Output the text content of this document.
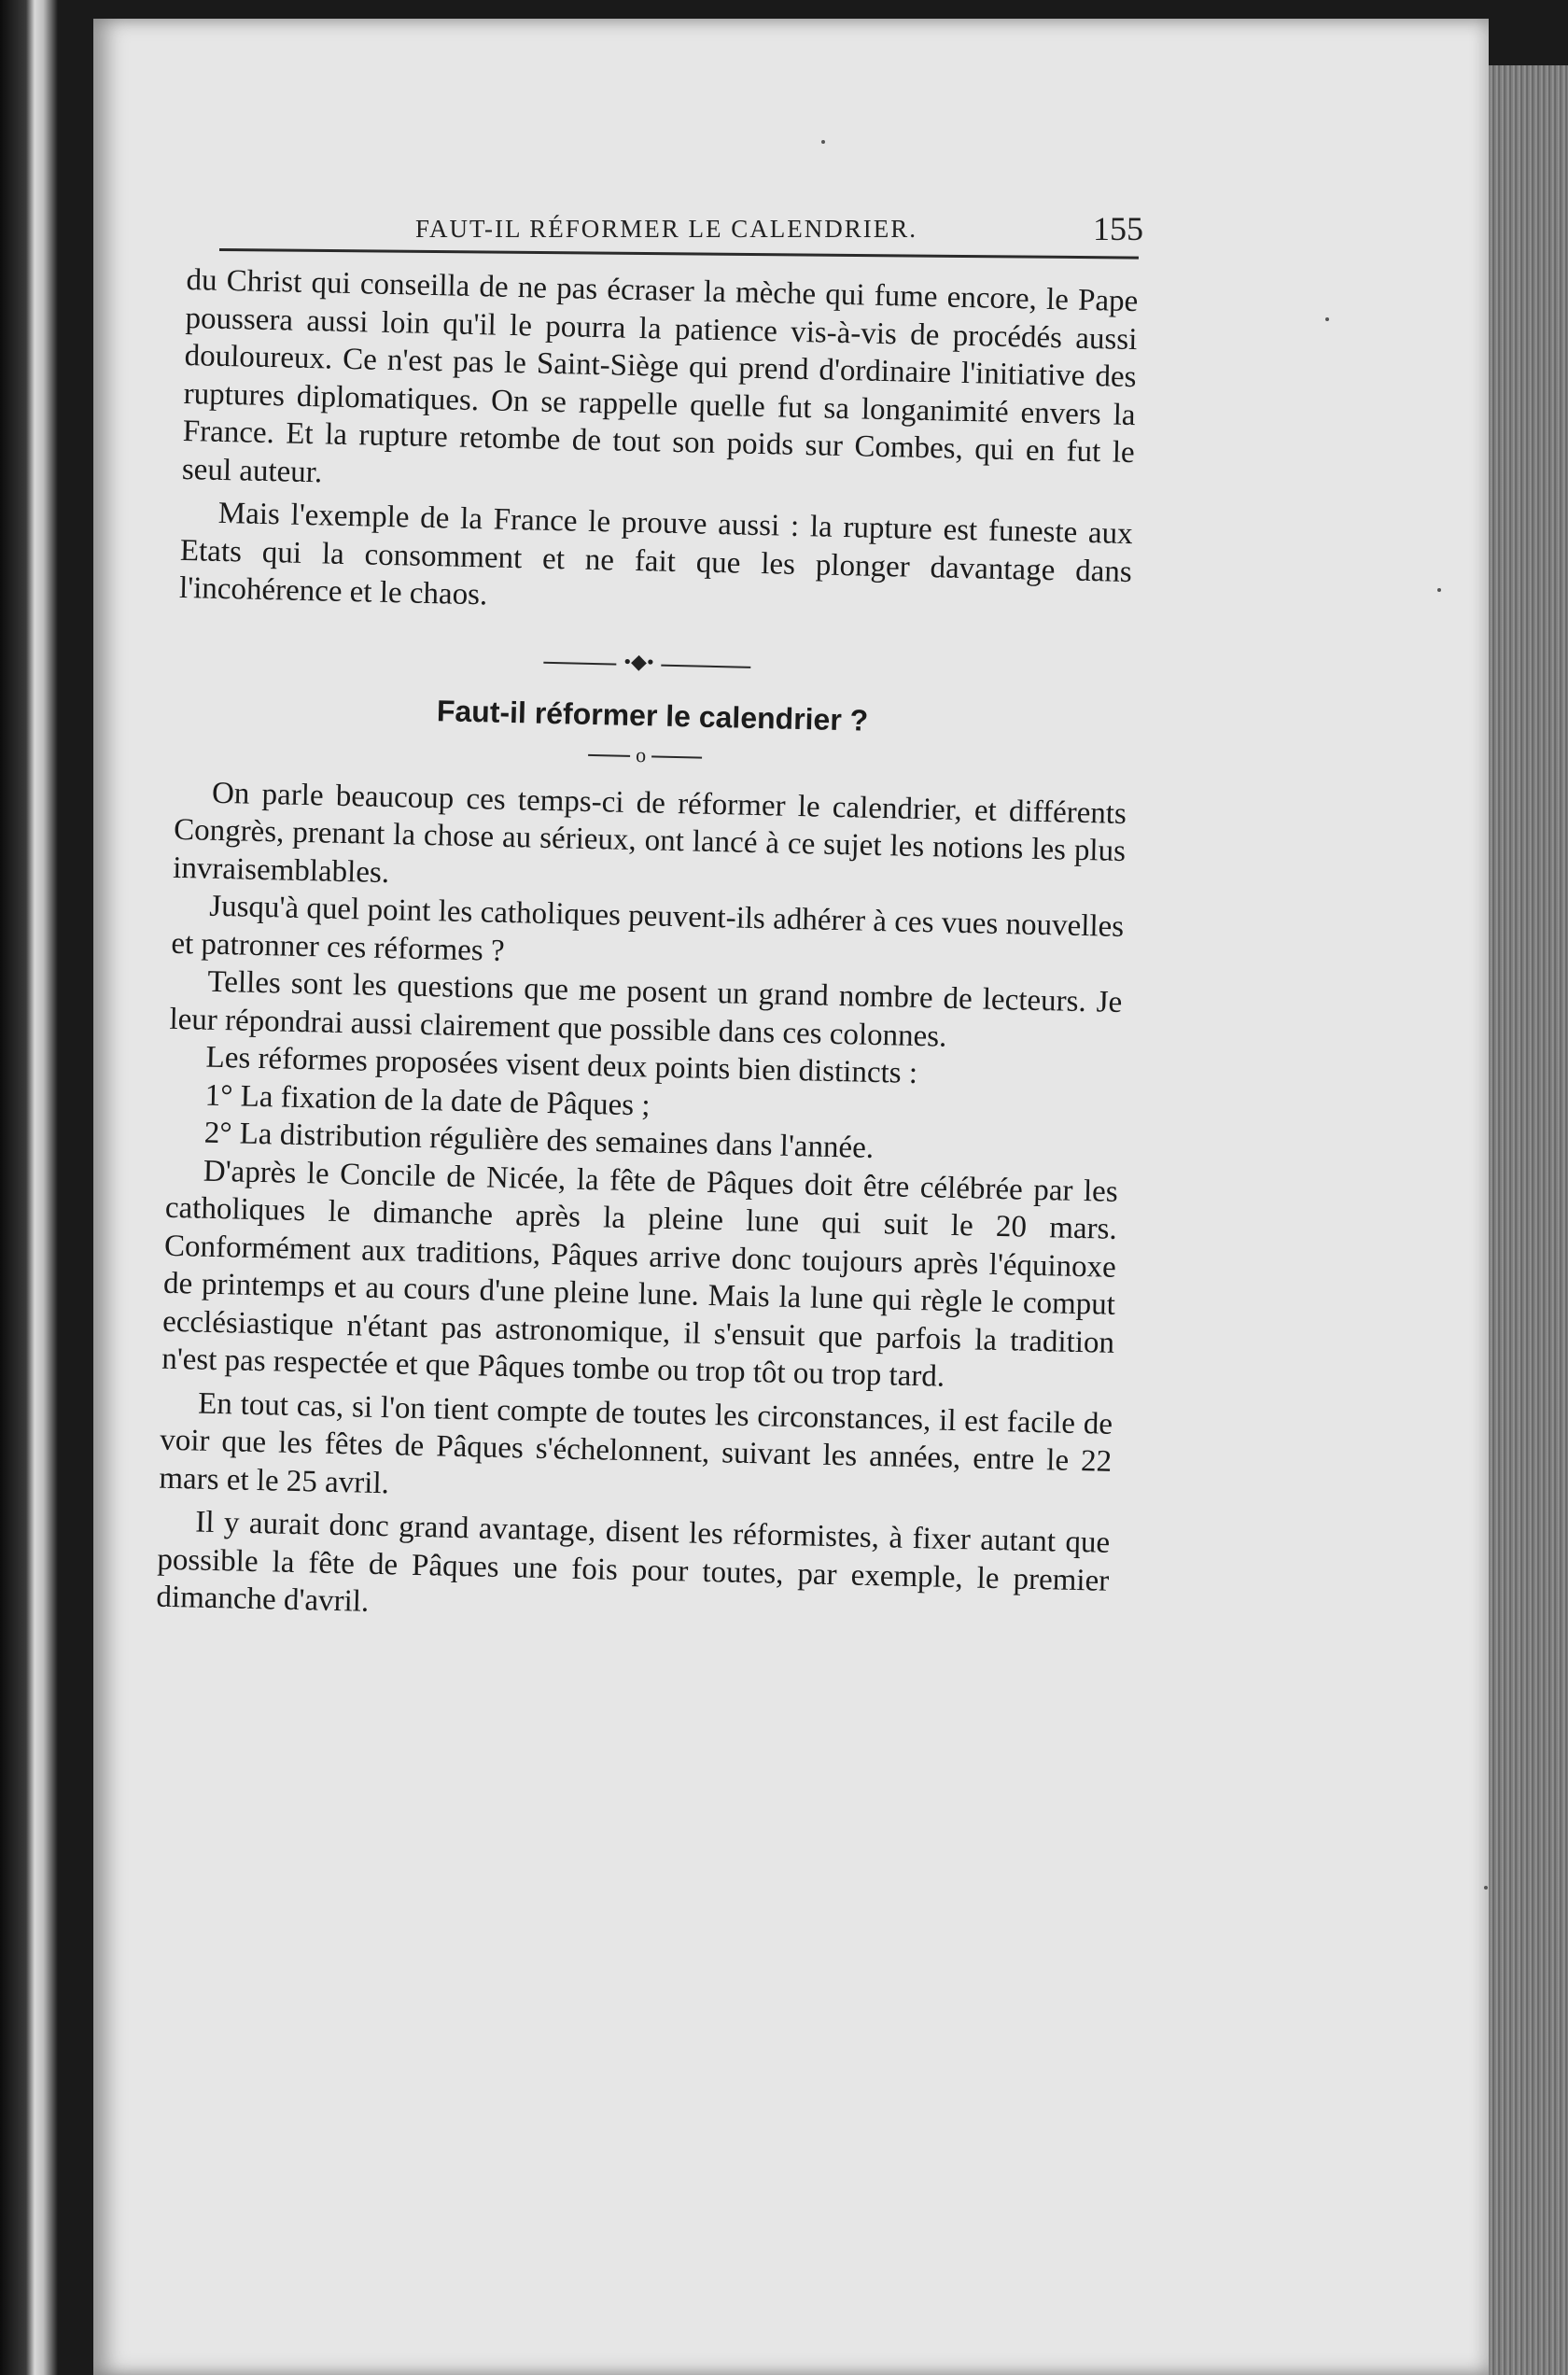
FAUT-IL RÉFORMER LE CALENDRIER.	155

du Christ qui conseilla de ne pas écraser la mèche qui fume encore, le Pape poussera aussi loin qu'il le pourra la patience vis-à-vis de procédés aussi douloureux. Ce n'est pas le Saint-Siège qui prend d'ordinaire l'initiative des ruptures diplomatiques. On se rappelle quelle fut sa longanimité envers la France. Et la rupture retombe de tout son poids sur Combes, qui en fut le seul auteur.

Mais l'exemple de la France le prouve aussi : la rupture est funeste aux Etats qui la consomment et ne fait que les plonger davantage dans l'incohérence et le chaos.

•◆•
Faut-il réformer le calendrier ?
o

On parle beaucoup ces temps-ci de réformer le calendrier, et différents Congrès, prenant la chose au sérieux, ont lancé à ce sujet les notions les plus invraisemblables.

Jusqu'à quel point les catholiques peuvent-ils adhérer à ces vues nouvelles et patronner ces réformes ?

Telles sont les questions que me posent un grand nombre de lecteurs. Je leur répondrai aussi clairement que possible dans ces colonnes.

Les réformes proposées visent deux points bien distincts :

1° La fixation de la date de Pâques ;

2° La distribution régulière des semaines dans l'année.

D'après le Concile de Nicée, la fête de Pâques doit être célébrée par les catholiques le dimanche après la pleine lune qui suit le 20 mars. Conformément aux traditions, Pâques arrive donc toujours après l'équinoxe de printemps et au cours d'une pleine lune. Mais la lune qui règle le comput ecclésiastique n'étant pas astronomique, il s'ensuit que parfois la tradition n'est pas respectée et que Pâques tombe ou trop tôt ou trop tard.

En tout cas, si l'on tient compte de toutes les circonstances, il est facile de voir que les fêtes de Pâques s'échelonnent, suivant les années, entre le 22 mars et le 25 avril.

Il y aurait donc grand avantage, disent les réformistes, à fixer autant que possible la fête de Pâques une fois pour toutes, par exemple, le premier dimanche d'avril.
